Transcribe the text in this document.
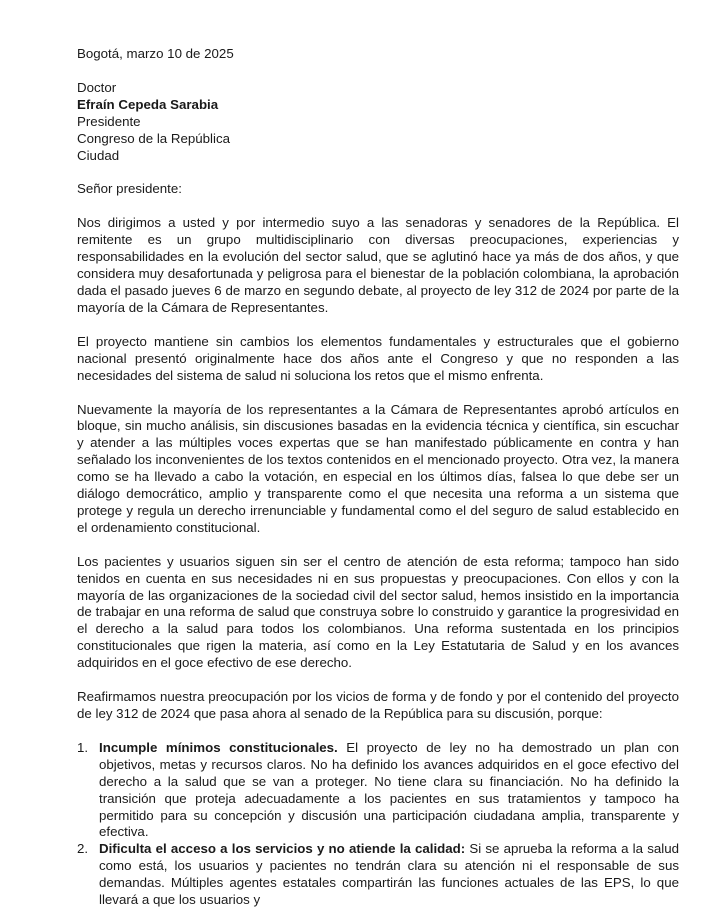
Bogotá, marzo 10 de 2025

Doctor

Efraín Cepeda Sarabia

Presidente

Congreso de la República

Ciudad

Señor presidente:

Nos dirigimos a usted y por intermedio suyo a las senadoras y senadores de la República. El remitente es un grupo multidisciplinario con diversas preocupaciones, experiencias y responsabilidades en la evolución del sector salud, que se aglutinó hace ya más de dos años, y que considera muy desafortunada y peligrosa para el bienestar de la población colombiana, la aprobación dada el pasado jueves 6 de marzo en segundo debate, al proyecto de ley 312 de 2024 por parte de la mayoría de la Cámara de Representantes.

El proyecto mantiene sin cambios los elementos fundamentales y estructurales que el gobierno nacional presentó originalmente hace dos años ante el Congreso y que no responden a las necesidades del sistema de salud ni soluciona los retos que el mismo enfrenta.

Nuevamente la mayoría de los representantes a la Cámara de Representantes aprobó artículos en bloque, sin mucho análisis, sin discusiones basadas en la evidencia técnica y científica, sin escuchar y atender a las múltiples voces expertas que se han manifestado públicamente en contra y han señalado los inconvenientes de los textos contenidos en el mencionado proyecto. Otra vez, la manera como se ha llevado a cabo la votación, en especial en los últimos días, falsea lo que debe ser un diálogo democrático, amplio y transparente como el que necesita una reforma a un sistema que protege y regula un derecho irrenunciable y fundamental como el del seguro de salud establecido en el ordenamiento constitucional.

Los pacientes y usuarios siguen sin ser el centro de atención de esta reforma; tampoco han sido tenidos en cuenta en sus necesidades ni en sus propuestas y preocupaciones. Con ellos y con la mayoría de las organizaciones de la sociedad civil del sector salud, hemos insistido en la importancia de trabajar en una reforma de salud que construya sobre lo construido y garantice la progresividad en el derecho a la salud para todos los colombianos. Una reforma sustentada en los principios constitucionales que rigen la materia, así como en la Ley Estatutaria de Salud y en los avances adquiridos en el goce efectivo de ese derecho.

Reafirmamos nuestra preocupación por los vicios de forma y de fondo y por el contenido del proyecto de ley 312 de 2024 que pasa ahora al senado de la República para su discusión, porque:

1. Incumple mínimos constitucionales. El proyecto de ley no ha demostrado un plan con objetivos, metas y recursos claros. No ha definido los avances adquiridos en el goce efectivo del derecho a la salud que se van a proteger. No tiene clara su financiación. No ha definido la transición que proteja adecuadamente a los pacientes en sus tratamientos y tampoco ha permitido para su concepción y discusión una participación ciudadana amplia, transparente y efectiva.
2. Dificulta el acceso a los servicios y no atiende la calidad: Si se aprueba la reforma a la salud como está, los usuarios y pacientes no tendrán clara su atención ni el responsable de sus demandas. Múltiples agentes estatales compartirán las funciones actuales de las EPS, lo que llevará a que los usuarios y
